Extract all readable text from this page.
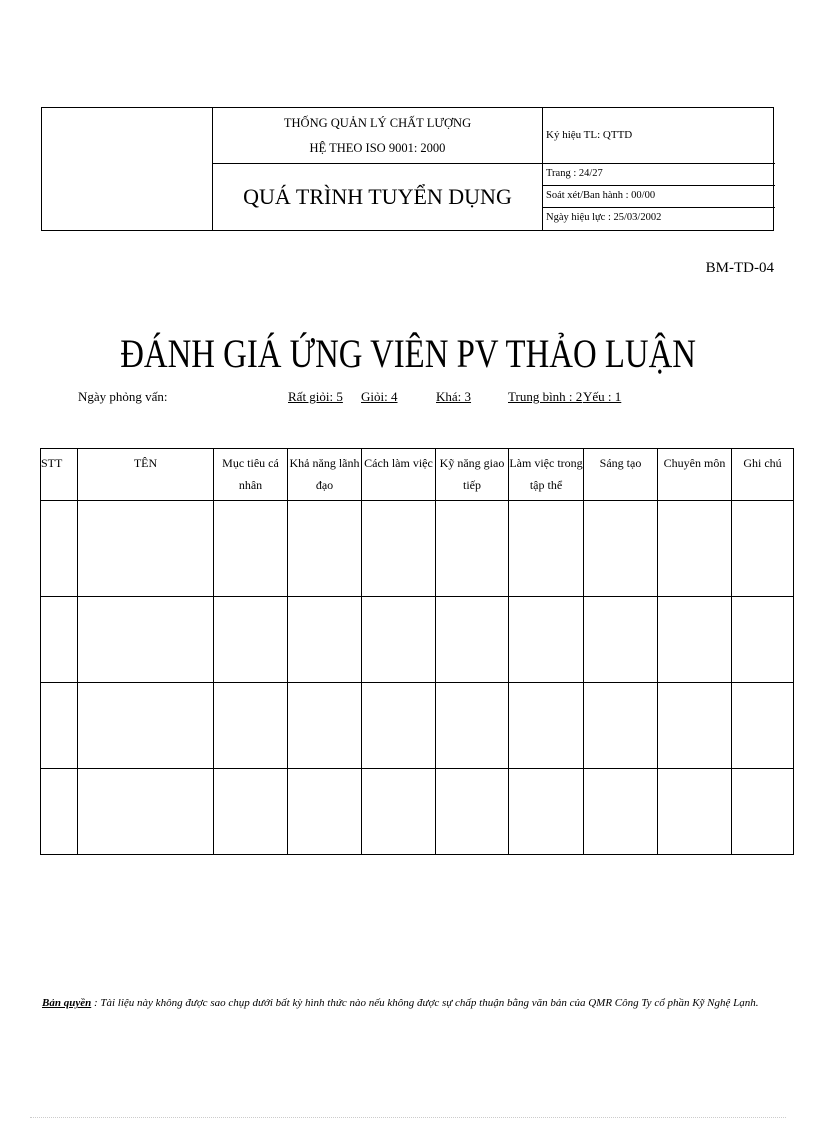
THỐNG QUẢN LÝ CHẤT LƯỢNG
HỆ THEO ISO 9001: 2000
QUÁ TRÌNH TUYỂN DỤNG
Ký hiệu TL: QTTD
Trang : 24/27
Soát xét/Ban hành : 00/00
Ngày hiệu lực : 25/03/2002
BM-TD-04
ĐÁNH GIÁ ỨNG VIÊN PV THẢO LUẬN
Ngày phỏng vấn:	Rất giỏi: 5 Giỏi: 4	Khá: 3	Trung bình : 2 Yếu : 1
STT	TÊN	Mục tiêu cá nhân	Khả năng lãnh đạo	Cách làm việc	Kỹ năng giao tiếp	Làm việc trong tập thể	Sáng tạo	Chuyên môn	Ghi chú

Bản quyền : Tài liệu này không được sao chụp dưới bất kỳ hình thức nào nếu không được sự chấp thuận bằng văn bản của QMR Công Ty cổ phần Kỹ Nghệ Lạnh.
